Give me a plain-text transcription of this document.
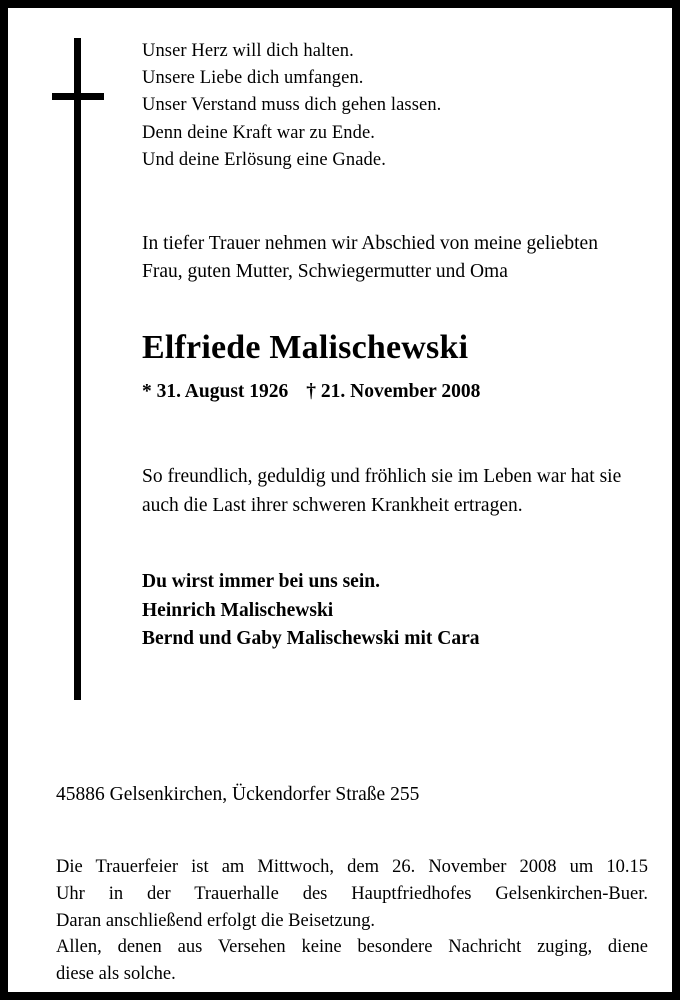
Unser Herz will dich halten.
Unsere Liebe dich umfangen.
Unser Verstand muss dich gehen lassen.
Denn deine Kraft war zu Ende.
Und deine Erlösung eine Gnade.
In tiefer Trauer nehmen wir Abschied von meine geliebten Frau, guten Mutter, Schwiegermutter und Oma
Elfriede Malischewski
* 31. August 1926 † 21. November 2008
So freundlich, geduldig und fröhlich sie im Leben war hat sie auch die Last ihrer schweren Krankheit ertragen.
Du wirst immer bei uns sein.
Heinrich Malischewski
Bernd und Gaby Malischewski mit Cara
45886 Gelsenkirchen, Ückendorfer Straße 255
Die Trauerfeier ist am Mittwoch, dem 26. November 2008 um 10.15
Uhr in der Trauerhalle des Hauptfriedhofes Gelsenkirchen-Buer.
Daran anschließend erfolgt die Beisetzung.
Allen, denen aus Versehen keine besondere Nachricht zuging, diene
diese als solche.
